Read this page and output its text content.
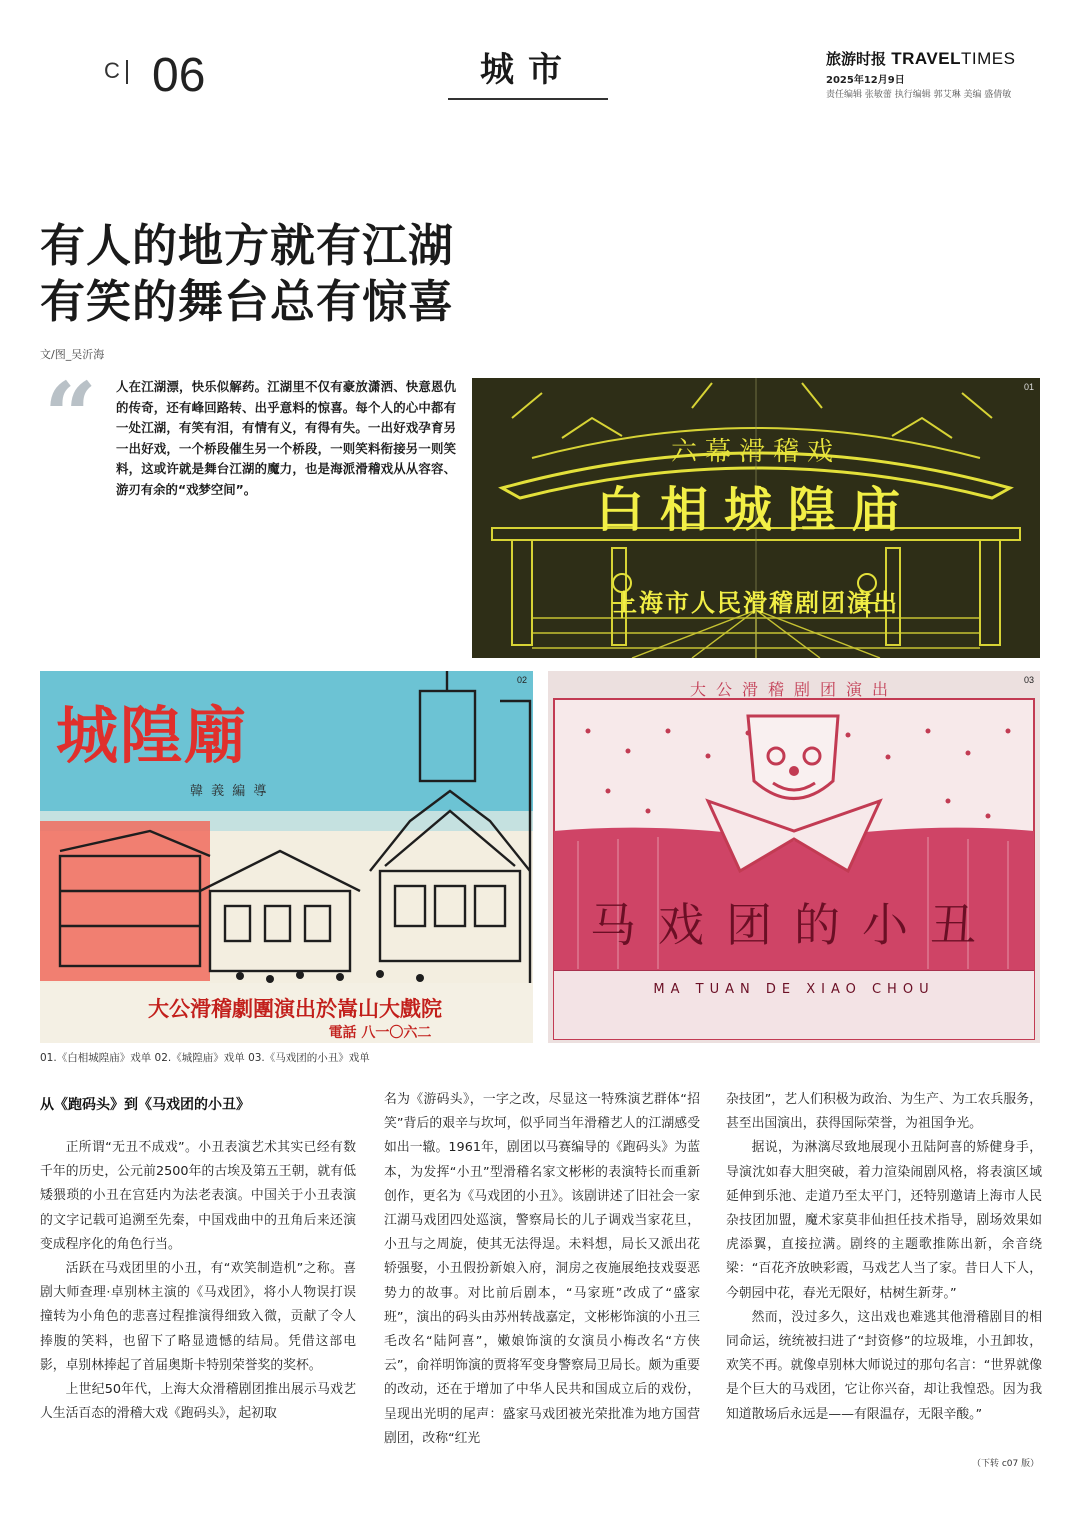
C 06	城市	旅游时报 TRAVELTIMES
2025年12月9日
责任编辑 张敏蕾 执行编辑 郭艾琳 美编 盛倩敏
有人的地方就有江湖
有笑的舞台总有惊喜
文/图_吴沂海
“ 人在江湖漂，快乐似解药。江湖里不仅有豪放潇洒、快意恩仇的传奇，还有峰回路转、出乎意料的惊喜。每个人的心中都有一处江湖，有笑有泪，有情有义，有得有失。一出好戏孕育另一出好戏，一个桥段催生另一个桥段，一则笑料衔接另一则笑料，这或许就是舞台江湖的魔力，也是海派滑稽戏从从容容、游刃有余的“戏梦空间”。
六幕滑稽戏
白相城隍庙
上海市人民滑稽剧团演出
01
城隍廟
韓 義 編 導
大公滑稽劇團演出於嵩山大戲院
電話 八一〇六二
02	大公滑稽剧团演出
马戏团的小丑
MA TUAN DE XIAO CHOU
03
01.《白相城隍庙》戏单 02.《城隍庙》戏单 03.《马戏团的小丑》戏单
从《跑码头》到《马戏团的小丑》

正所谓“无丑不成戏”。小丑表演艺术其实已经有数千年的历史，公元前2500年的古埃及第五王朝，就有低矮猥琐的小丑在宫廷内为法老表演。中国关于小丑表演的文字记载可追溯至先秦，中国戏曲中的丑角后来还演变成程序化的角色行当。

活跃在马戏团里的小丑，有“欢笑制造机”之称。喜剧大师查理·卓别林主演的《马戏团》，将小人物误打误撞转为小角色的悲喜过程推演得细致入微，贡献了令人捧腹的笑料，也留下了略显遗憾的结局。凭借这部电影，卓别林捧起了首届奥斯卡特别荣誉奖的奖杯。

上世纪50年代，上海大众滑稽剧团推出展示马戏艺人生活百态的滑稽大戏《跑码头》，起初取

名为《游码头》，一字之改，尽显这一特殊演艺群体“招笑”背后的艰辛与坎坷，似乎同当年滑稽艺人的江湖感受如出一辙。1961年，剧团以马赛编导的《跑码头》为蓝本，为发挥“小丑”型滑稽名家文彬彬的表演特长而重新创作，更名为《马戏团的小丑》。该剧讲述了旧社会一家江湖马戏团四处巡演，警察局长的儿子调戏当家花旦，小丑与之周旋，使其无法得逞。未料想，局长又派出花轿强娶，小丑假扮新娘入府，洞房之夜施展绝技戏耍恶势力的故事。对比前后剧本，“马家班”改成了“盛家班”，演出的码头由苏州转战嘉定，文彬彬饰演的小丑三毛改名“陆阿喜”，嫩娘饰演的女演员小梅改名“方侠云”，俞祥明饰演的贾将军变身警察局卫局长。颇为重要的改动，还在于增加了中华人民共和国成立后的戏份，呈现出光明的尾声：盛家马戏团被光荣批准为地方国营剧团，改称“红光

杂技团”，艺人们积极为政治、为生产、为工农兵服务，甚至出国演出，获得国际荣誉，为祖国争光。

据说，为淋漓尽致地展现小丑陆阿喜的矫健身手，导演沈如春大胆突破，着力渲染闹剧风格，将表演区域延伸到乐池、走道乃至太平门，还特别邀请上海市人民杂技团加盟，魔术家莫非仙担任技术指导，剧场效果如虎添翼，直接拉满。剧终的主题歌推陈出新，余音绕梁：“百花齐放映彩霞，马戏艺人当了家。昔日人下人，今朝园中花，春光无限好，枯树生新芽。”

然而，没过多久，这出戏也难逃其他滑稽剧目的相同命运，统统被扫进了“封资修”的垃圾堆，小丑卸妆，欢笑不再。就像卓别林大师说过的那句名言：“世界就像是个巨大的马戏团，它让你兴奋，却让我惶恐。因为我知道散场后永远是——有限温存，无限辛酸。”

（下转 c07 版）
